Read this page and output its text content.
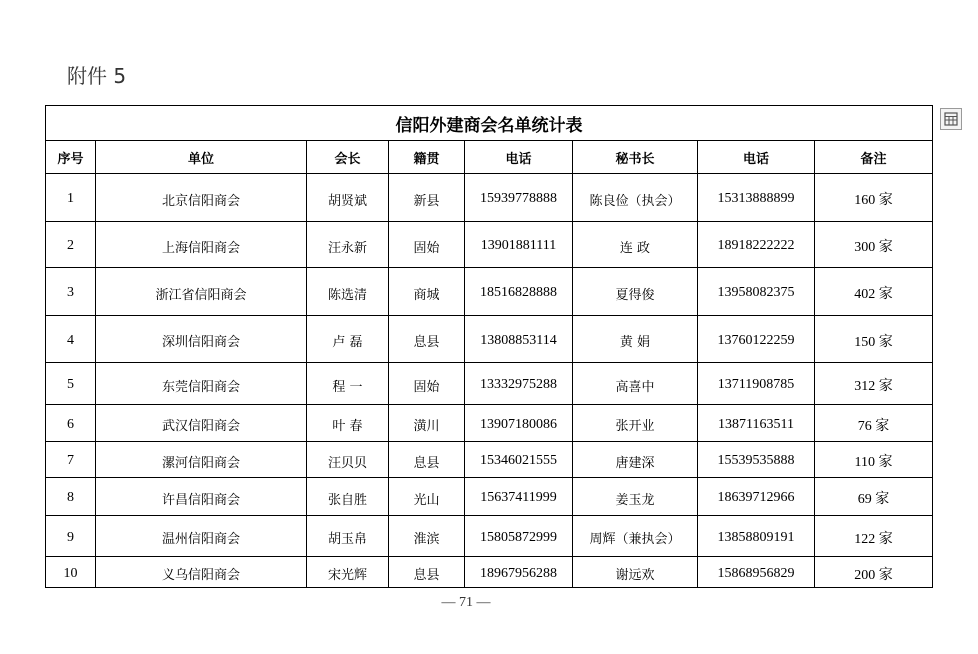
附件 5
信阳外建商会名单统计表							
序号	单位	会长	籍贯	电话	秘书长	电话	备注
1	北京信阳商会	胡贤斌	新县	15939778888	陈良俭（执会）	15313888899	160 家
2	上海信阳商会	汪永新	固始	13901881111	连 政	18918222222	300 家
3	浙江省信阳商会	陈选清	商城	18516828888	夏得俊	13958082375	402 家
4	深圳信阳商会	卢 磊	息县	13808853114	黄 娟	13760122259	150 家
5	东莞信阳商会	程 一	固始	13332975288	高喜中	13711908785	312 家
6	武汉信阳商会	叶 春	潢川	13907180086	张开业	13871163511	76 家
7	漯河信阳商会	汪贝贝	息县	15346021555	唐建深	15539535888	110 家
8	许昌信阳商会	张自胜	光山	15637411999	姜玉龙	18639712966	69 家
9	温州信阳商会	胡玉帛	淮滨	15805872999	周辉（兼执会）	13858809191	122 家
10	义乌信阳商会	宋光辉	息县	18967956288	谢远欢	15868956829	200 家
— 71 —
